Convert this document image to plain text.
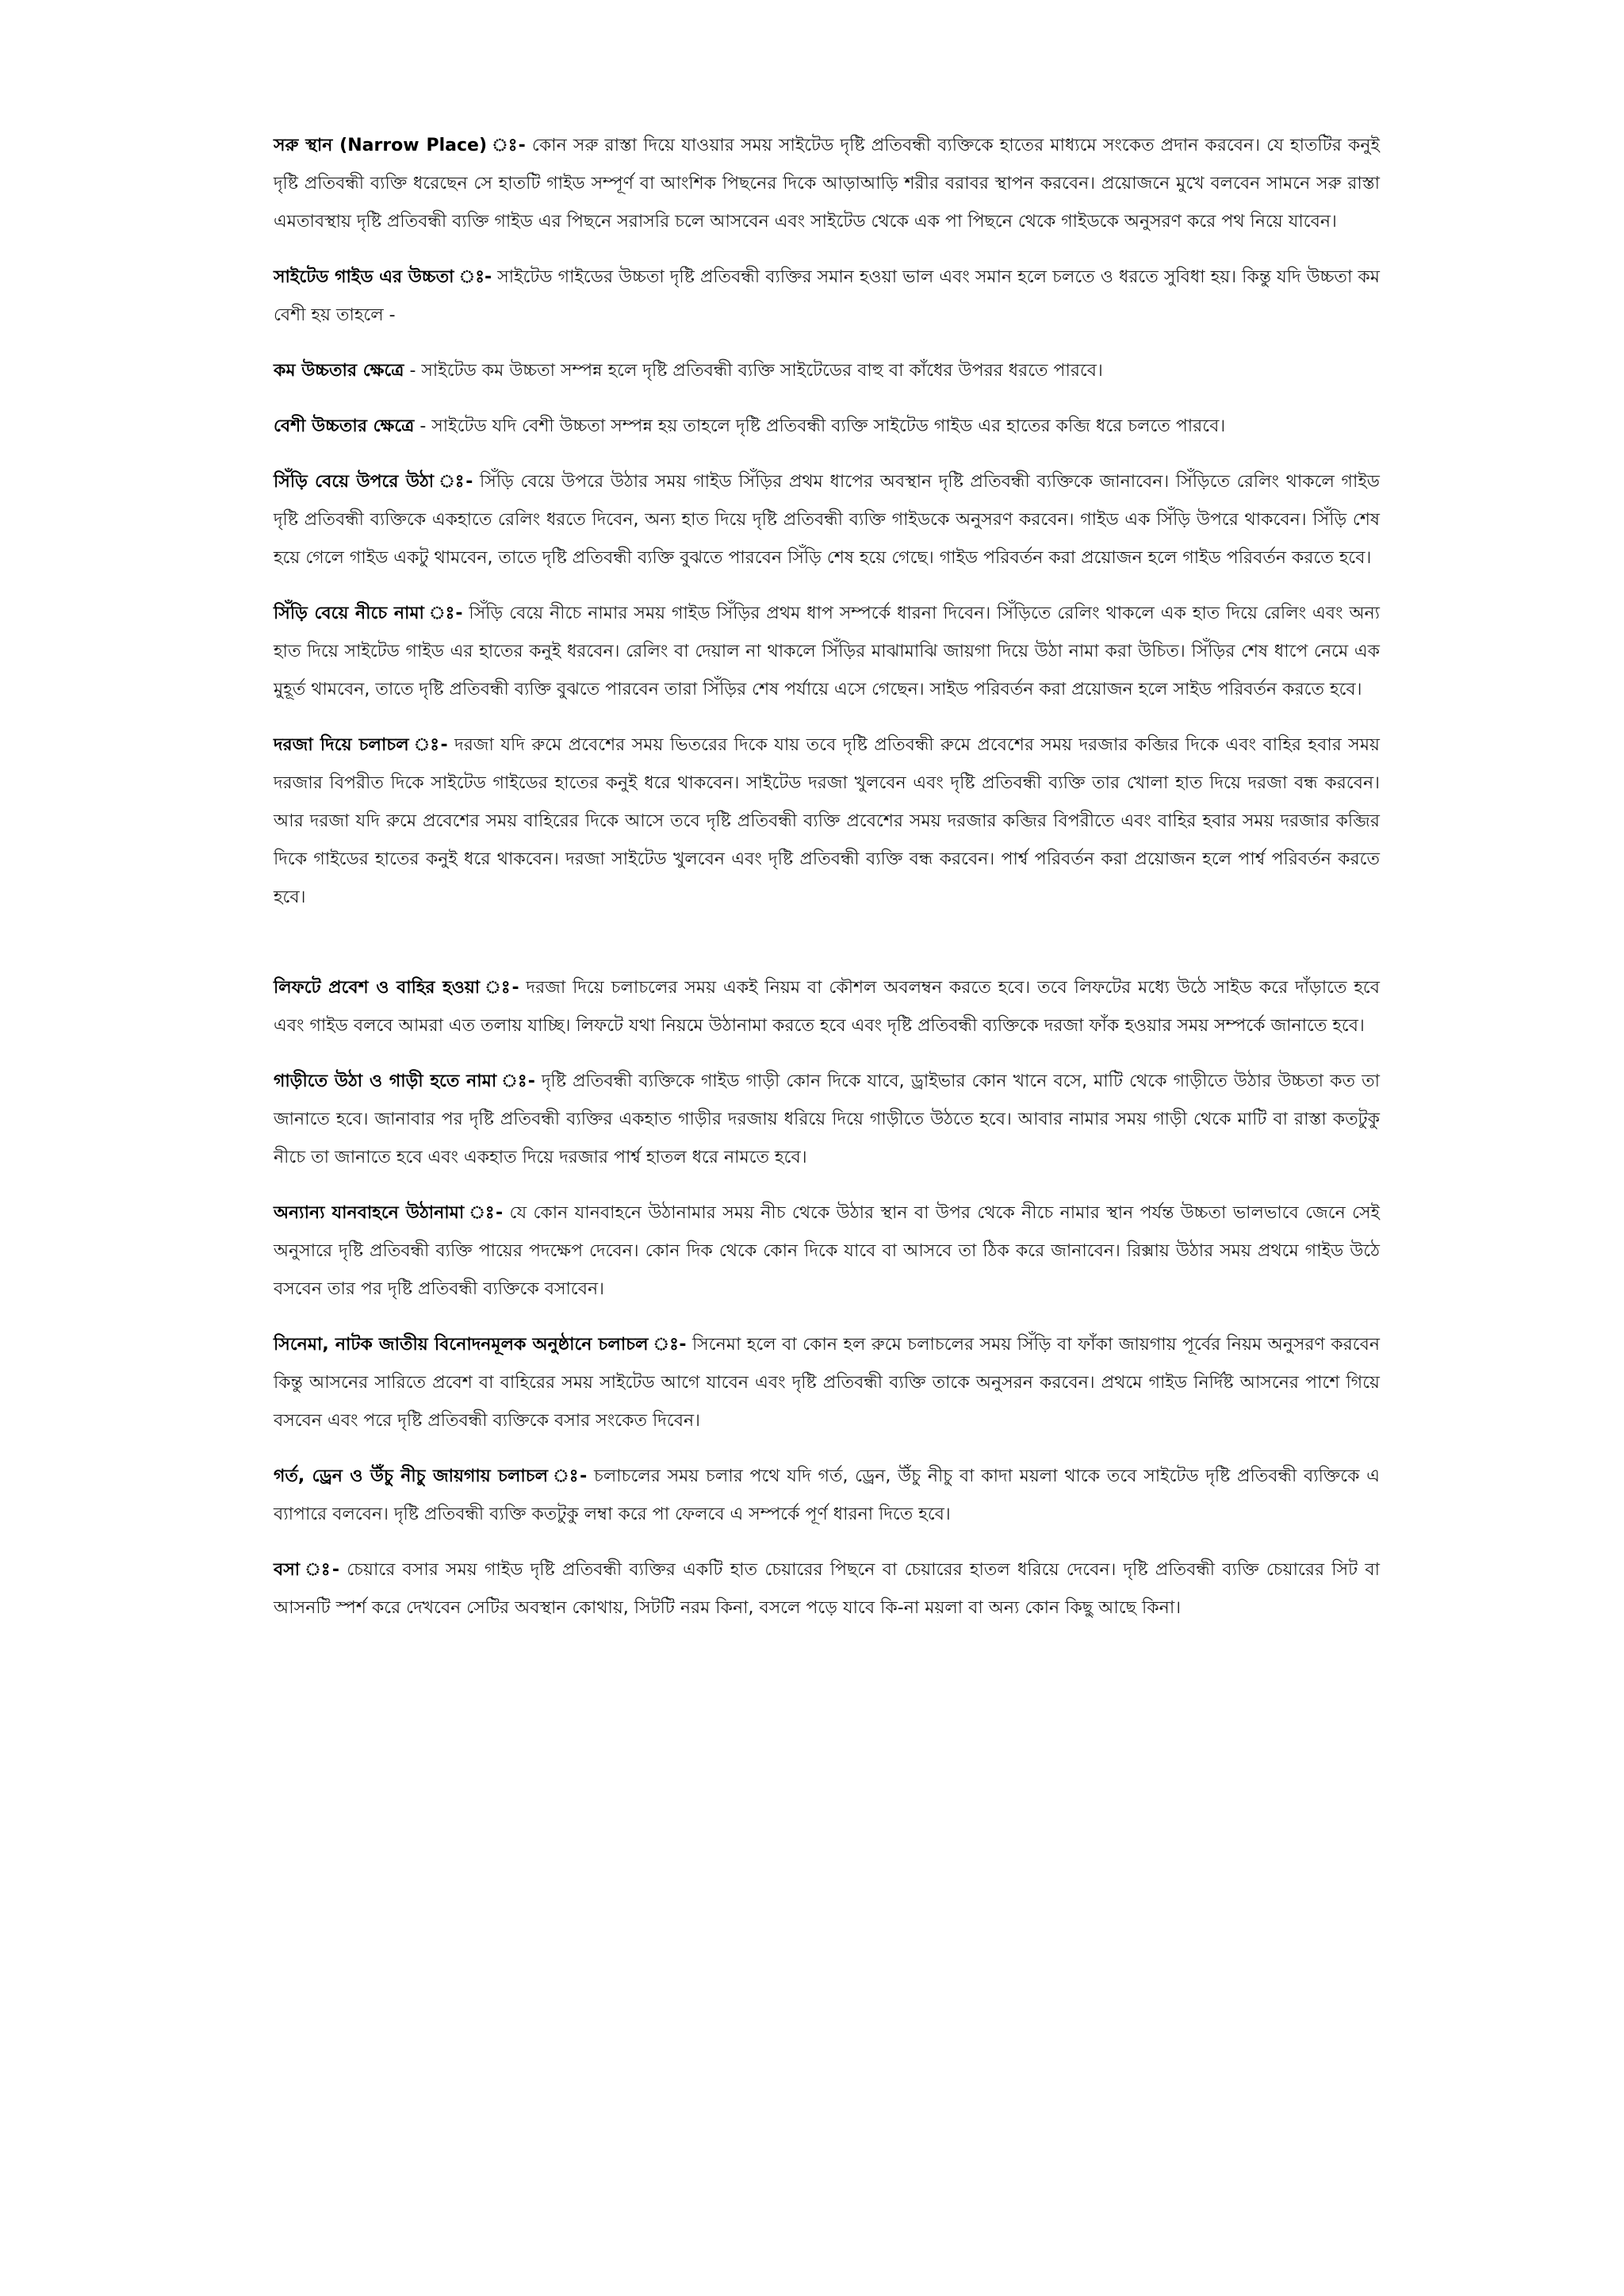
সরু স্থান (Narrow Place) ঃ- কোন সরু রাস্তা দিয়ে যাওয়ার সময় সাইটেড দৃষ্টি প্রতিবন্ধী ব্যক্তিকে হাতের মাধ্যমে সংকেত প্রদান করবেন। যে হাতটির কনুই দৃষ্টি প্রতিবন্ধী ব্যক্তি ধরেছেন সে হাতটি গাইড সম্পূর্ণ বা আংশিক পিছনের দিকে আড়াআড়ি শরীর বরাবর স্থাপন করবেন। প্রয়োজনে মুখে বলবেন সামনে সরু রাস্তা এমতাবস্থায় দৃষ্টি প্রতিবন্ধী ব্যক্তি গাইড এর পিছনে সরাসরি চলে আসবেন এবং সাইটেড থেকে এক পা পিছনে থেকে গাইডকে অনুসরণ করে পথ নিয়ে যাবেন।

সাইটেড গাইড এর উচ্চতা ঃ- সাইটেড গাইডের উচ্চতা দৃষ্টি প্রতিবন্ধী ব্যক্তির সমান হওয়া ভাল এবং সমান হলে চলতে ও ধরতে সুবিধা হয়। কিন্তু যদি উচ্চতা কম বেশী হয় তাহলে -

কম উচ্চতার ক্ষেত্রে - সাইটেড কম উচ্চতা সম্পন্ন হলে দৃষ্টি প্রতিবন্ধী ব্যক্তি সাইটেডের বাহু বা কাঁধের উপরর ধরতে পারবে।

বেশী উচ্চতার ক্ষেত্রে - সাইটেড যদি বেশী উচ্চতা সম্পন্ন হয় তাহলে দৃষ্টি প্রতিবন্ধী ব্যক্তি সাইটেড গাইড এর হাতের কব্জি ধরে চলতে পারবে।

সিঁড়ি বেয়ে উপরে উঠা ঃ- সিঁড়ি বেয়ে উপরে উঠার সময় গাইড সিঁড়ির প্রথম ধাপের অবস্থান দৃষ্টি প্রতিবন্ধী ব্যক্তিকে জানাবেন। সিঁড়িতে রেলিং থাকলে গাইড দৃষ্টি প্রতিবন্ধী ব্যক্তিকে একহাতে রেলিং ধরতে দিবেন, অন্য হাত দিয়ে দৃষ্টি প্রতিবন্ধী ব্যক্তি গাইডকে অনুসরণ করবেন। গাইড এক সিঁড়ি উপরে থাকবেন। সিঁড়ি শেষ হয়ে গেলে গাইড একটু থামবেন, তাতে দৃষ্টি প্রতিবন্ধী ব্যক্তি বুঝতে পারবেন সিঁড়ি শেষ হয়ে গেছে। গাইড পরিবর্তন করা প্রয়োজন হলে গাইড পরিবর্তন করতে হবে।

সিঁড়ি বেয়ে নীচে নামা ঃ- সিঁড়ি বেয়ে নীচে নামার সময় গাইড সিঁড়ির প্রথম ধাপ সম্পর্কে ধারনা দিবেন। সিঁড়িতে রেলিং থাকলে এক হাত দিয়ে রেলিং এবং অন্য হাত দিয়ে সাইটেড গাইড এর হাতের কনুই ধরবেন। রেলিং বা দেয়াল না থাকলে সিঁড়ির মাঝামাঝি জায়গা দিয়ে উঠা নামা করা উচিত। সিঁড়ির শেষ ধাপে নেমে এক মুহূর্ত থামবেন, তাতে দৃষ্টি প্রতিবন্ধী ব্যক্তি বুঝতে পারবেন তারা সিঁড়ির শেষ পর্যায়ে এসে গেছেন। সাইড পরিবর্তন করা প্রয়োজন হলে সাইড পরিবর্তন করতে হবে।

দরজা দিয়ে চলাচল ঃ- দরজা যদি রুমে প্রবেশের সময় ভিতরের দিকে যায় তবে দৃষ্টি প্রতিবন্ধী রুমে প্রবেশের সময় দরজার কব্জির দিকে এবং বাহির হবার সময় দরজার বিপরীত দিকে সাইটেড গাইডের হাতের কনুই ধরে থাকবেন। সাইটেড দরজা খুলবেন এবং দৃষ্টি প্রতিবন্ধী ব্যক্তি তার খোলা হাত দিয়ে দরজা বন্ধ করবেন। আর দরজা যদি রুমে প্রবেশের সময় বাহিরের দিকে আসে তবে দৃষ্টি প্রতিবন্ধী ব্যক্তি প্রবেশের সময় দরজার কব্জির বিপরীতে এবং বাহির হবার সময় দরজার কব্জির দিকে গাইডের হাতের কনুই ধরে থাকবেন। দরজা সাইটেড খুলবেন এবং দৃষ্টি প্রতিবন্ধী ব্যক্তি বন্ধ করবেন। পার্শ্ব পরিবর্তন করা প্রয়োজন হলে পার্শ্ব পরিবর্তন করতে হবে।

লিফটে প্রবেশ ও বাহির হওয়া ঃ- দরজা দিয়ে চলাচলের সময় একই নিয়ম বা কৌশল অবলম্বন করতে হবে। তবে লিফটের মধ্যে উঠে সাইড করে দাঁড়াতে হবে এবং গাইড বলবে আমরা এত তলায় যাচ্ছি। লিফটে যথা নিয়মে উঠানামা করতে হবে এবং দৃষ্টি প্রতিবন্ধী ব্যক্তিকে দরজা ফাঁক হওয়ার সময় সম্পর্কে জানাতে হবে।

গাড়ীতে উঠা ও গাড়ী হতে নামা ঃ- দৃষ্টি প্রতিবন্ধী ব্যক্তিকে গাইড গাড়ী কোন দিকে যাবে, ড্রাইভার কোন খানে বসে, মাটি থেকে গাড়ীতে উঠার উচ্চতা কত তা জানাতে হবে। জানাবার পর দৃষ্টি প্রতিবন্ধী ব্যক্তির একহাত গাড়ীর দরজায় ধরিয়ে দিয়ে গাড়ীতে উঠতে হবে। আবার নামার সময় গাড়ী থেকে মাটি বা রাস্তা কতটুকু নীচে তা জানাতে হবে এবং একহাত দিয়ে দরজার পার্শ্ব হাতল ধরে নামতে হবে।

অন্যান্য যানবাহনে উঠানামা ঃ- যে কোন যানবাহনে উঠানামার সময় নীচ থেকে উঠার স্থান বা উপর থেকে নীচে নামার স্থান পর্যন্ত উচ্চতা ভালভাবে জেনে সেই অনুসারে দৃষ্টি প্রতিবন্ধী ব্যক্তি পায়ের পদক্ষেপ দেবেন। কোন দিক থেকে কোন দিকে যাবে বা আসবে তা ঠিক করে জানাবেন। রিক্সায় উঠার সময় প্রথমে গাইড উঠে বসবেন তার পর দৃষ্টি প্রতিবন্ধী ব্যক্তিকে বসাবেন।

সিনেমা, নাটক জাতীয় বিনোদনমূলক অনুষ্ঠানে চলাচল ঃ- সিনেমা হলে বা কোন হল রুমে চলাচলের সময় সিঁড়ি বা ফাঁকা জায়গায় পূর্বের নিয়ম অনুসরণ করবেন কিন্তু আসনের সারিতে প্রবেশ বা বাহিরের সময় সাইটেড আগে যাবেন এবং দৃষ্টি প্রতিবন্ধী ব্যক্তি তাকে অনুসরন করবেন। প্রথমে গাইড নির্দিষ্ট আসনের পাশে গিয়ে বসবেন এবং পরে দৃষ্টি প্রতিবন্ধী ব্যক্তিকে বসার সংকেত দিবেন।

গর্ত, ড্রেন ও উঁচু নীচু জায়গায় চলাচল ঃ- চলাচলের সময় চলার পথে যদি গর্ত, ড্রেন, উঁচু নীচু বা কাদা ময়লা থাকে তবে সাইটেড দৃষ্টি প্রতিবন্ধী ব্যক্তিকে এ ব্যাপারে বলবেন। দৃষ্টি প্রতিবন্ধী ব্যক্তি কতটুকু লম্বা করে পা ফেলবে এ সম্পর্কে পূর্ণ ধারনা দিতে হবে।

বসা ঃ- চেয়ারে বসার সময় গাইড দৃষ্টি প্রতিবন্ধী ব্যক্তির একটি হাত চেয়ারের পিছনে বা চেয়ারের হাতল ধরিয়ে দেবেন। দৃষ্টি প্রতিবন্ধী ব্যক্তি চেয়ারের সিট বা আসনটি স্পর্শ করে দেখবেন সেটির অবস্থান কোথায়, সিটটি নরম কিনা, বসলে পড়ে যাবে কি-না ময়লা বা অন্য কোন কিছু আছে কিনা।
